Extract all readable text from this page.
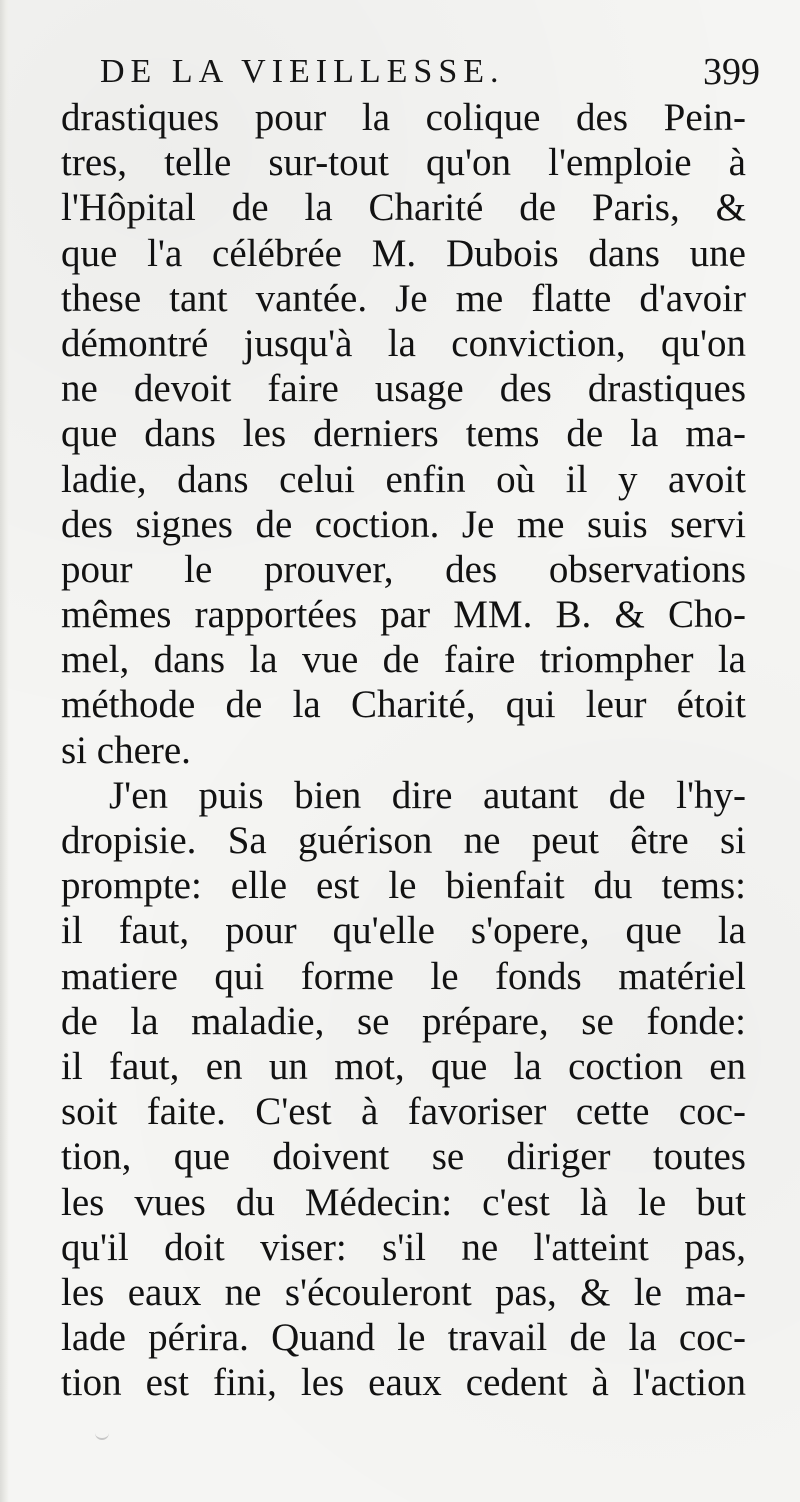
DE LA VIEILLESSE.	399
drastiques pour la colique des Pein-
tres, telle sur-tout qu'on l'emploie à
l'Hôpital de la Charité de Paris, &
que l'a célébrée M. Dubois dans une
these tant vantée. Je me flatte d'avoir
démontré jusqu'à la conviction, qu'on
ne devoit faire usage des drastiques
que dans les derniers tems de la ma-
ladie, dans celui enfin où il y avoit
des signes de coction. Je me suis servi
pour le prouver, des observations
mêmes rapportées par MM. B. & Cho-
mel, dans la vue de faire triompher la
méthode de la Charité, qui leur étoit
si chere.
J'en puis bien dire autant de l'hy-
dropisie. Sa guérison ne peut être si
prompte: elle est le bienfait du tems:
il faut, pour qu'elle s'opere, que la
matiere qui forme le fonds matériel
de la maladie, se prépare, se fonde:
il faut, en un mot, que la coction en
soit faite. C'est à favoriser cette coc-
tion, que doivent se diriger toutes
les vues du Médecin: c'est là le but
qu'il doit viser: s'il ne l'atteint pas,
les eaux ne s'écouleront pas, & le ma-
lade périra. Quand le travail de la coc-
tion est fini, les eaux cedent à l'action
